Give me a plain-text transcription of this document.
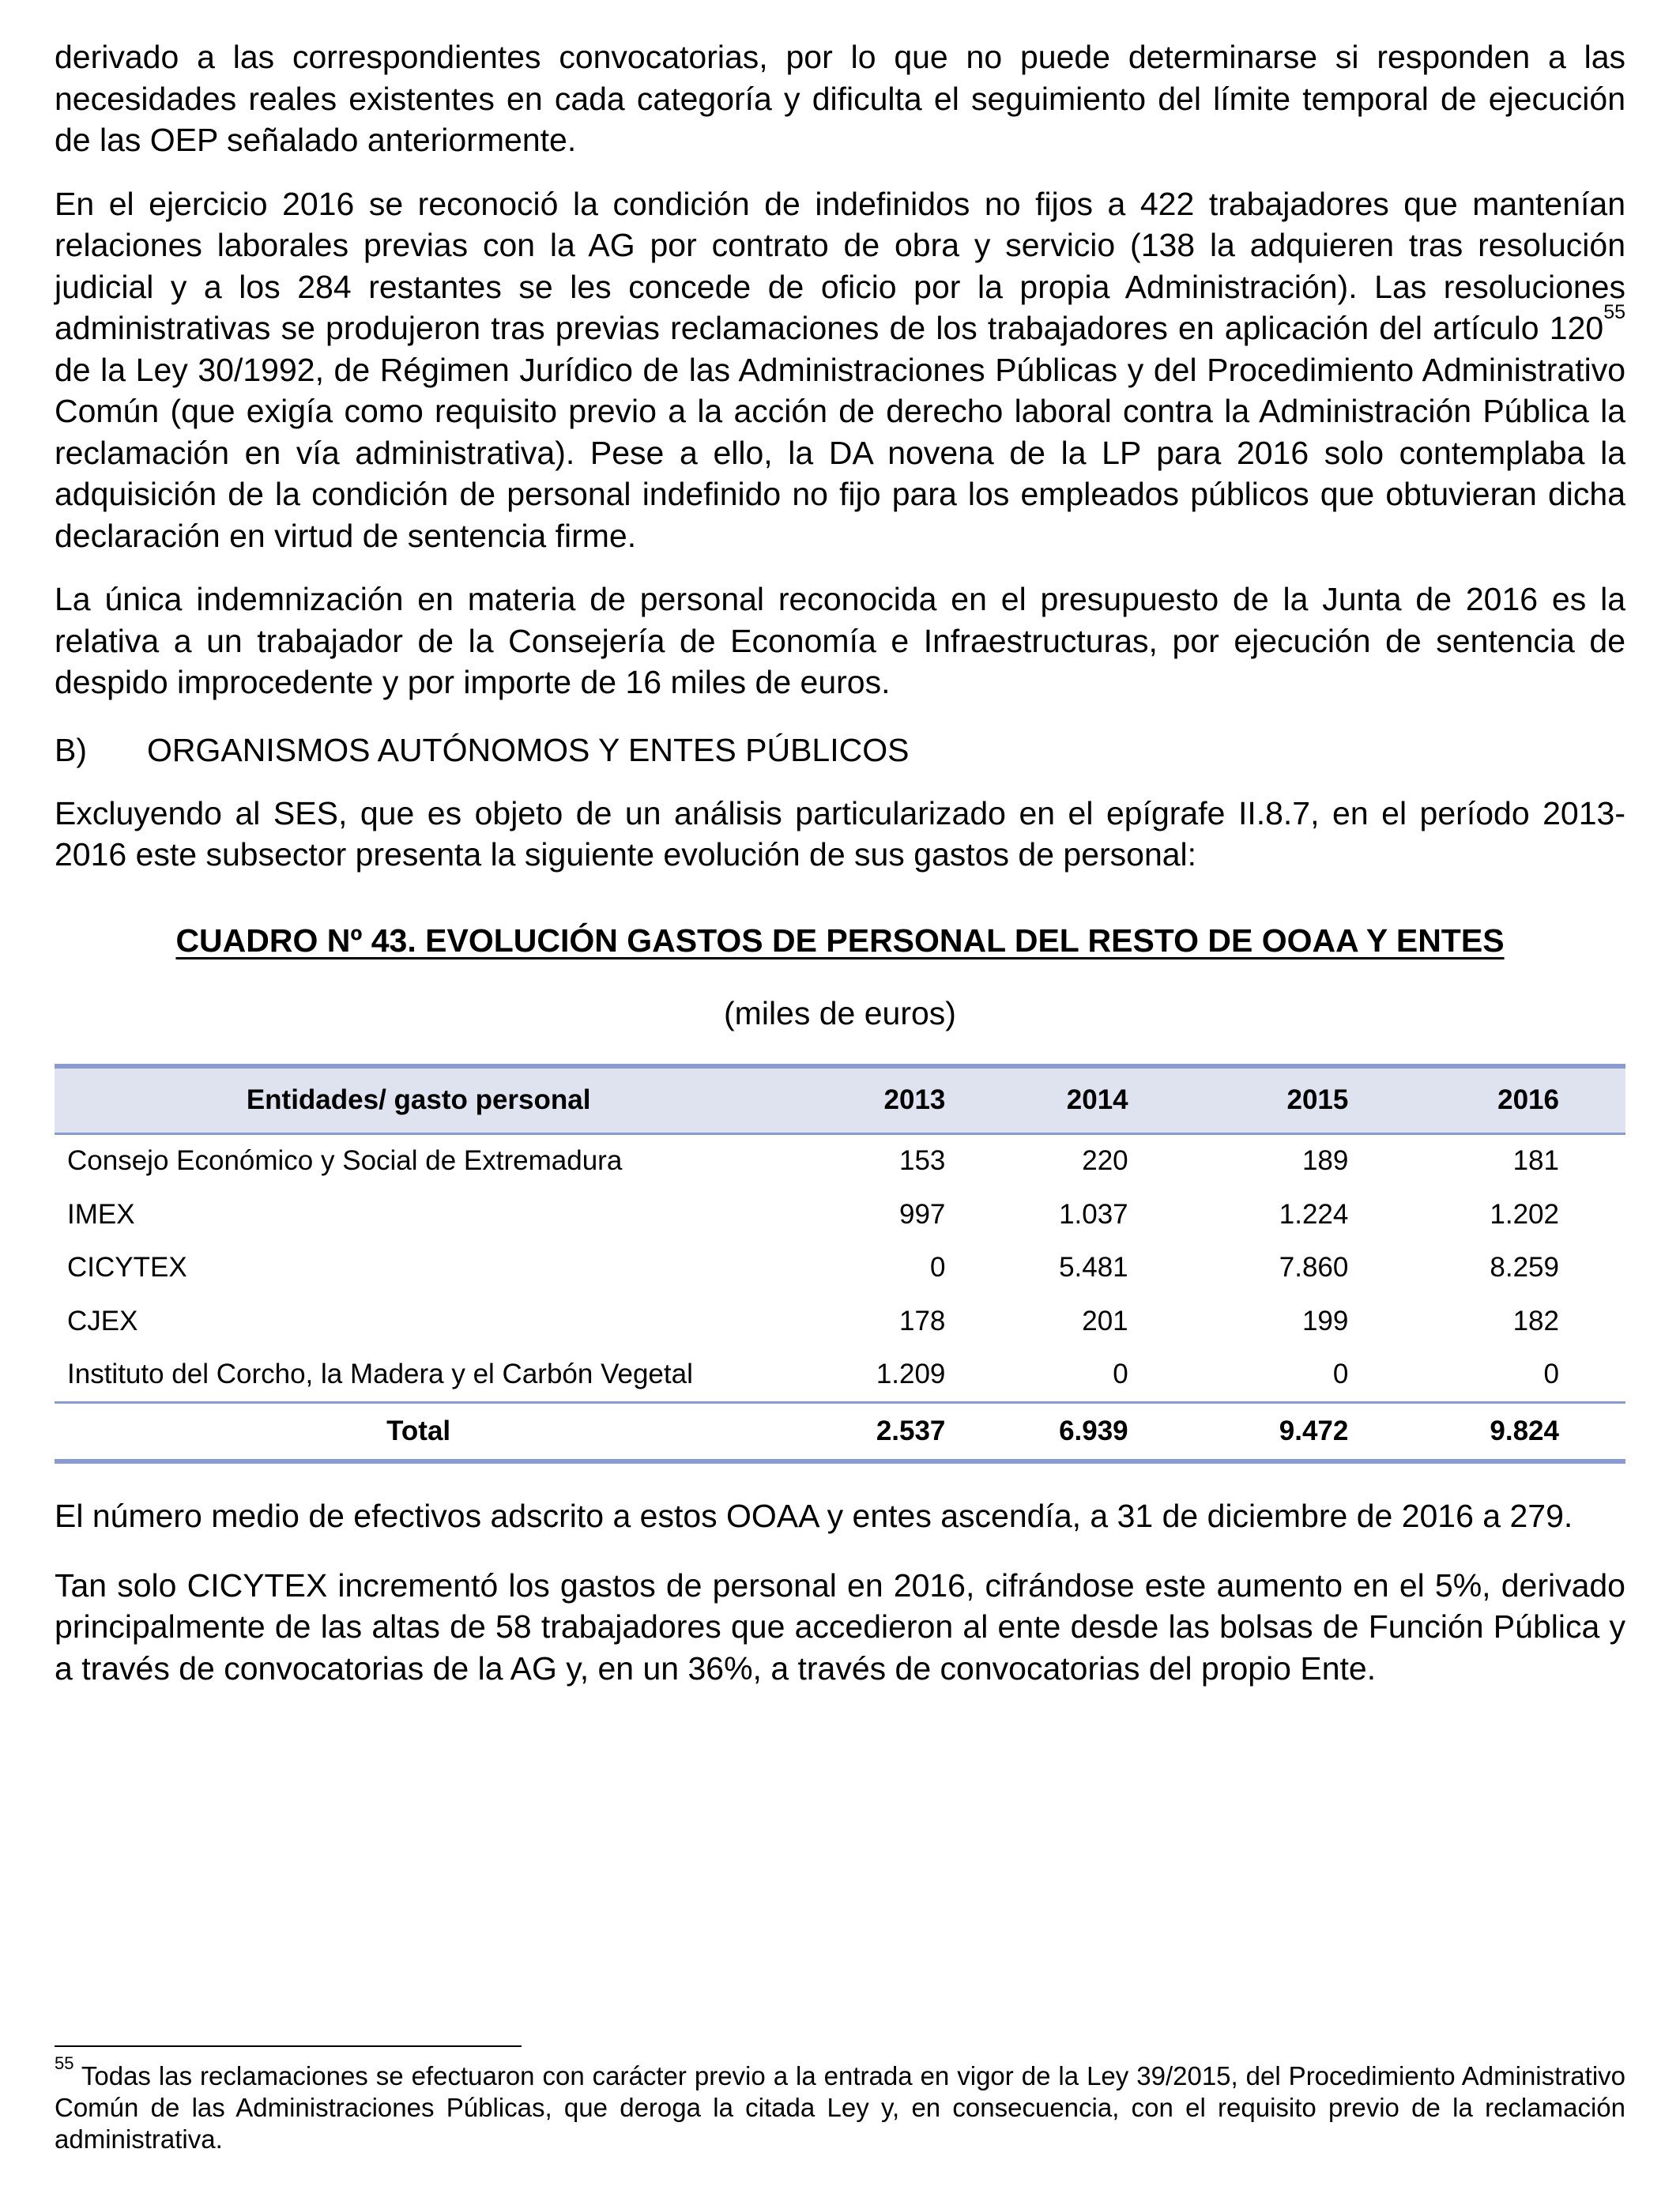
derivado a las correspondientes convocatorias, por lo que no puede determinarse si responden a las necesidades reales existentes en cada categoría y dificulta el seguimiento del límite temporal de ejecución de las OEP señalado anteriormente.

En el ejercicio 2016 se reconoció la condición de indefinidos no fijos a 422 trabajadores que mantenían relaciones laborales previas con la AG por contrato de obra y servicio (138 la adquieren tras resolución judicial y a los 284 restantes se les concede de oficio por la propia Administración). Las resoluciones administrativas se produjeron tras previas reclamaciones de los trabajadores en aplicación del artículo $120^{55}$ de la Ley 30/1992, de Régimen Jurídico de las Administraciones Públicas y del Procedimiento Administrativo Común (que exigía como requisito previo a la acción de derecho laboral contra la Administración Pública la reclamación en vía administrativa). Pese a ello, la DA novena de la LP para 2016 solo contemplaba la adquisición de la condición de personal indefinido no fijo para los empleados públicos que obtuvieran dicha declaración en virtud de sentencia firme.

La única indemnización en materia de personal reconocida en el presupuesto de la Junta de 2016 es la relativa a un trabajador de la Consejería de Economía e Infraestructuras, por ejecución de sentencia de despido improcedente y por importe de 16 miles de euros.

B)	ORGANISMOS AUTÓNOMOS Y ENTES PÚBLICOS

Excluyendo al SES, que es objeto de un análisis particularizado en el epígrafe II.8.7, en el período 2013-2016 este subsector presenta la siguiente evolución de sus gastos de personal:

CUADRO Nº 43. EVOLUCIÓN GASTOS DE PERSONAL DEL RESTO DE OOAA Y ENTES
(miles de euros)
Entidades/ gasto personal	2013	2014	2015	2016
Consejo Económico y Social de Extremadura	153	220	189	181
IMEX	997	1.037	1.224	1.202
CICYTEX	0	5.481	7.860	8.259
CJEX	178	201	199	182
Instituto del Corcho, la Madera y el Carbón Vegetal	1.209	0	0	0
Total	2.537	6.939	9.472	9.824

El número medio de efectivos adscrito a estos OOAA y entes ascendía, a 31 de diciembre de 2016 a 279.

Tan solo CICYTEX incrementó los gastos de personal en 2016, cifrándose este aumento en el 5%, derivado principalmente de las altas de 58 trabajadores que accedieron al ente desde las bolsas de Función Pública y a través de convocatorias de la AG y, en un 36%, a través de convocatorias del propio Ente.

$^{55}$ Todas las reclamaciones se efectuaron con carácter previo a la entrada en vigor de la Ley 39/2015, del Procedimiento Administrativo Común de las Administraciones Públicas, que deroga la citada Ley y, en consecuencia, con el requisito previo de la reclamación administrativa.
